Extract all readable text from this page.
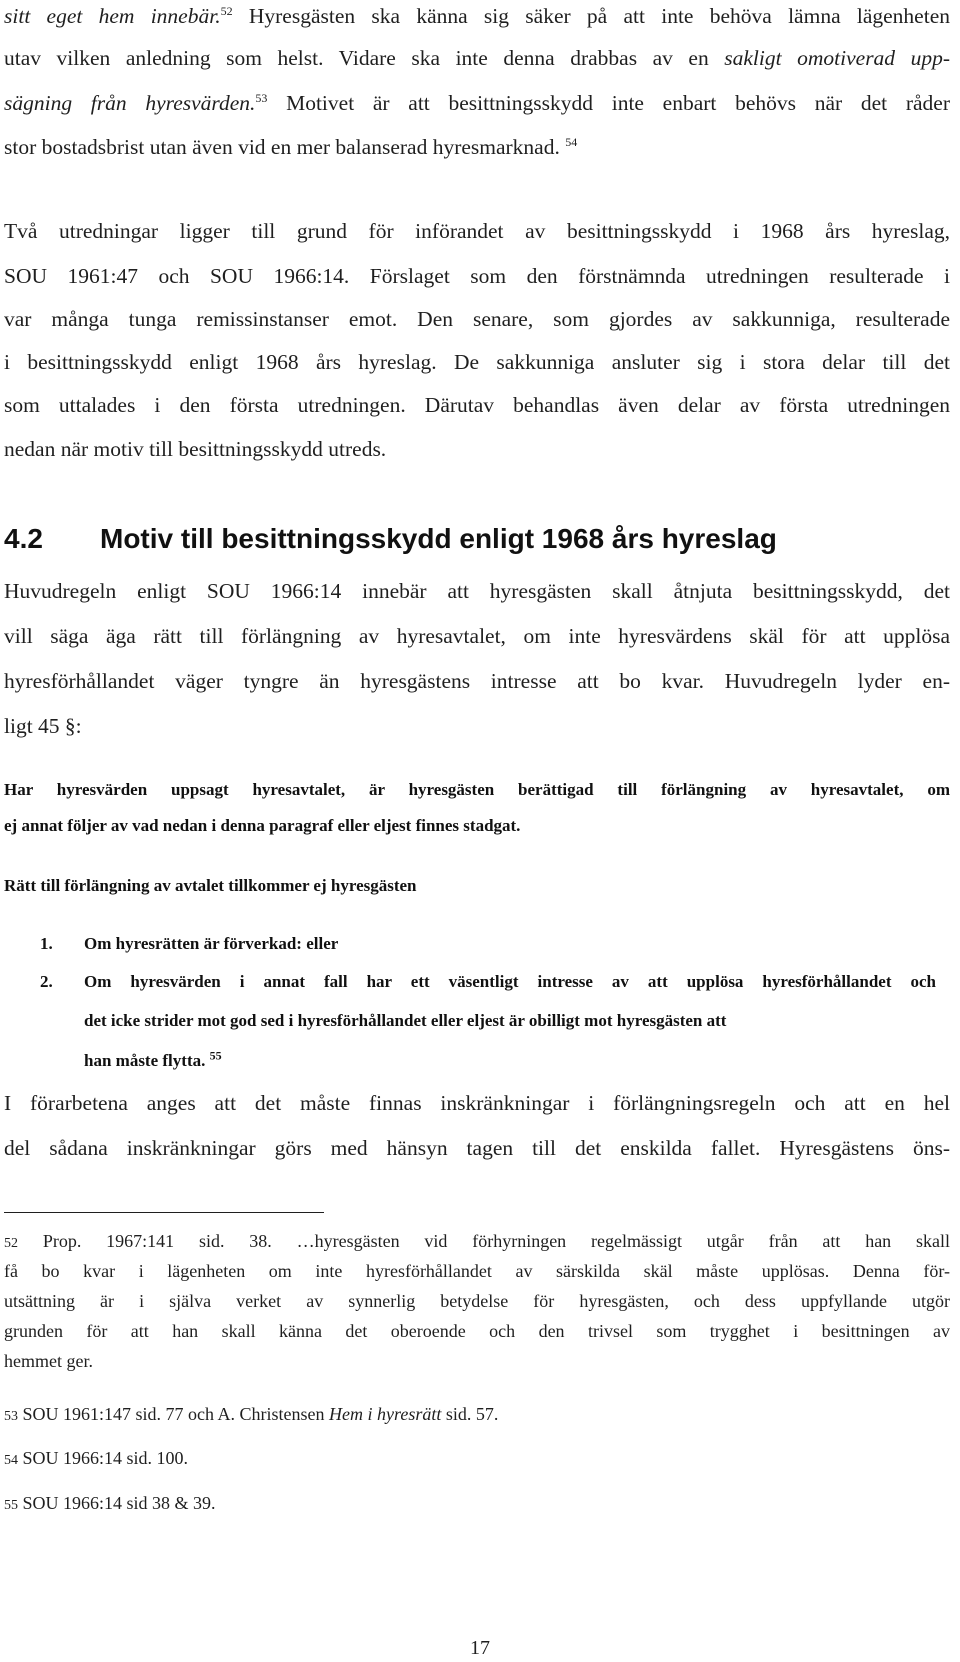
sitt eget hem innebär.$^{52}$ Hyresgästen ska känna sig säker på att inte behöva lämna lägenheten
utav vilken anledning som helst. Vidare ska inte denna drabbas av en sakligt omotiverad upp-
sägning från hyresvärden.$^{53}$ Motivet är att besittningsskydd inte enbart behövs när det råder
stor bostadsbrist utan även vid en mer balanserad hyresmarknad. $^{54}$
Två utredningar ligger till grund för införandet av besittningsskydd i 1968 års hyreslag,
SOU 1961:47 och SOU 1966:14. Förslaget som den förstnämnda utredningen resulterade i
var många tunga remissinstanser emot. Den senare, som gjordes av sakkunniga, resulterade
i besittningsskydd enligt 1968 års hyreslag. De sakkunniga ansluter sig i stora delar till det
som uttalades i den första utredningen. Därutav behandlas även delar av första utredningen
nedan när motiv till besittningsskydd utreds.
4.2 Motiv till besittningsskydd enligt 1968 års hyreslag
Huvudregeln enligt SOU 1966:14 innebär att hyresgästen skall åtnjuta besittningsskydd, det
vill säga äga rätt till förlängning av hyresavtalet, om inte hyresvärdens skäl för att upplösa
hyresförhållandet väger tyngre än hyresgästens intresse att bo kvar. Huvudregeln lyder en-
ligt 45 §:
Har hyresvärden uppsagt hyresavtalet, är hyresgästen berättigad till förlängning av hyresavtalet, om
ej annat följer av vad nedan i denna paragraf eller eljest finnes stadgat.
Rätt till förlängning av avtalet tillkommer ej hyresgästen
1. Om hyresrätten är förverkad: eller
2. Om hyresvärden i annat fall har ett väsentligt intresse av att upplösa hyresförhållandet och
det icke strider mot god sed i hyresförhållandet eller eljest är obilligt mot hyresgästen att
han måste flytta. $^{55}$
I förarbetena anges att det måste finnas inskränkningar i förlängningsregeln och att en hel
del sådana inskränkningar görs med hänsyn tagen till det enskilda fallet. Hyresgästens öns-
52 Prop. 1967:141 sid. 38. …hyresgästen vid förhyrningen regelmässigt utgår från att han skall
få bo kvar i lägenheten om inte hyresförhållandet av särskilda skäl måste upplösas. Denna för-
utsättning är i själva verket av synnerlig betydelse för hyresgästen, och dess uppfyllande utgör
grunden för att han skall känna det oberoende och den trivsel som trygghet i besittningen av
hemmet ger.
53 SOU 1961:147 sid. 77 och A. Christensen Hem i hyresrätt sid. 57.
54 SOU 1966:14 sid. 100.
55 SOU 1966:14 sid 38 & 39.
17
